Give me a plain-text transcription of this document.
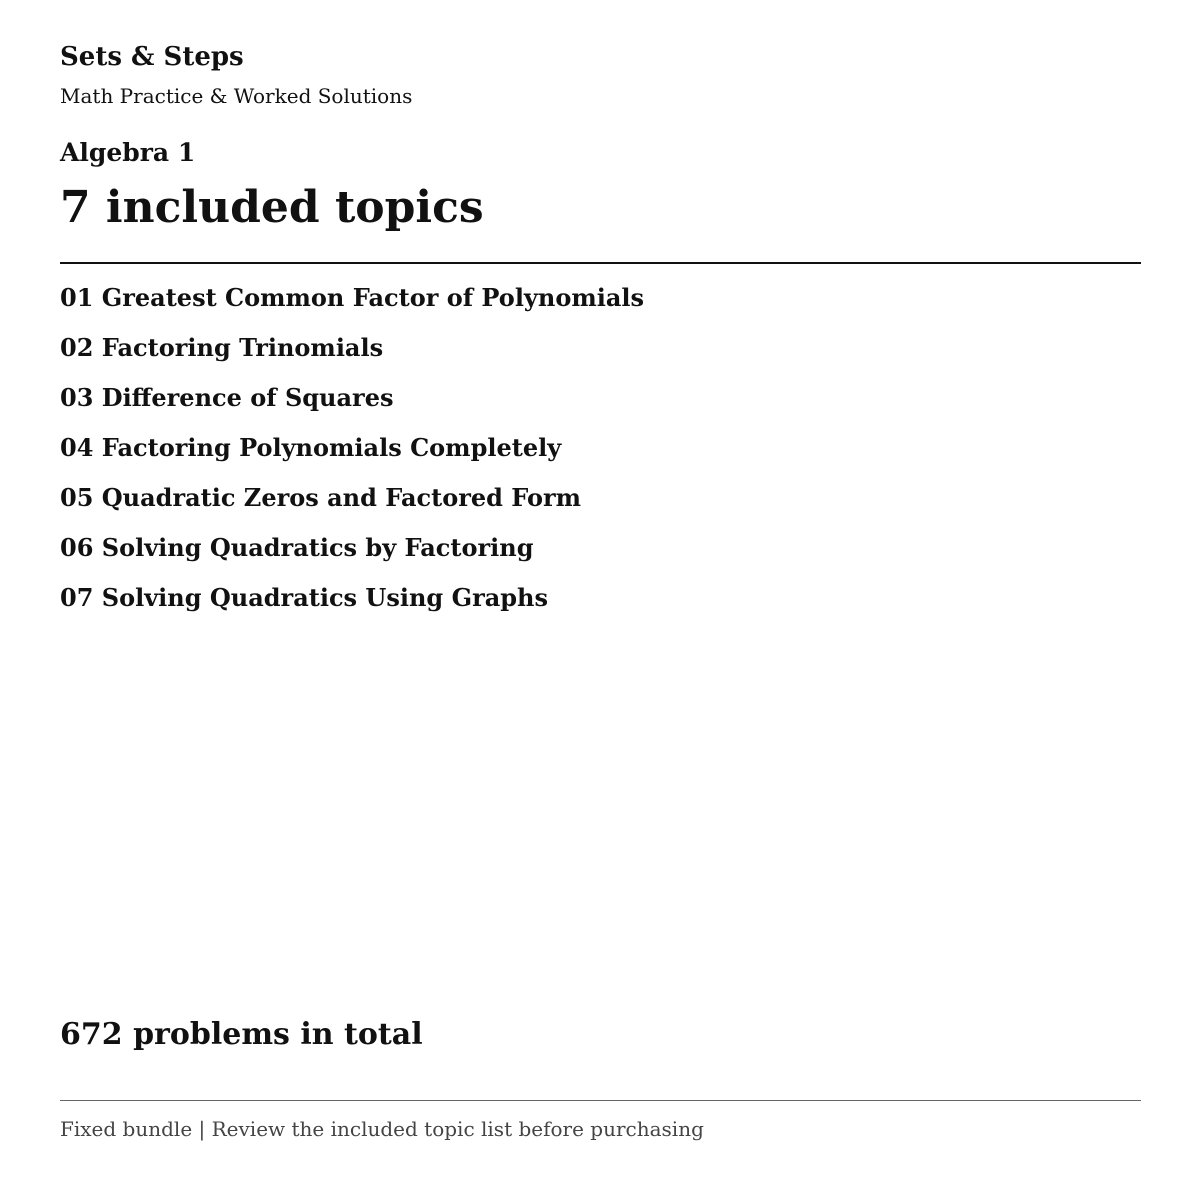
Sets & Steps
Math Practice & Worked Solutions
Algebra 1
7 included topics
01 Greatest Common Factor of Polynomials
02 Factoring Trinomials
03 Difference of Squares
04 Factoring Polynomials Completely
05 Quadratic Zeros and Factored Form
06 Solving Quadratics by Factoring
07 Solving Quadratics Using Graphs
672 problems in total
Fixed bundle | Review the included topic list before purchasing
